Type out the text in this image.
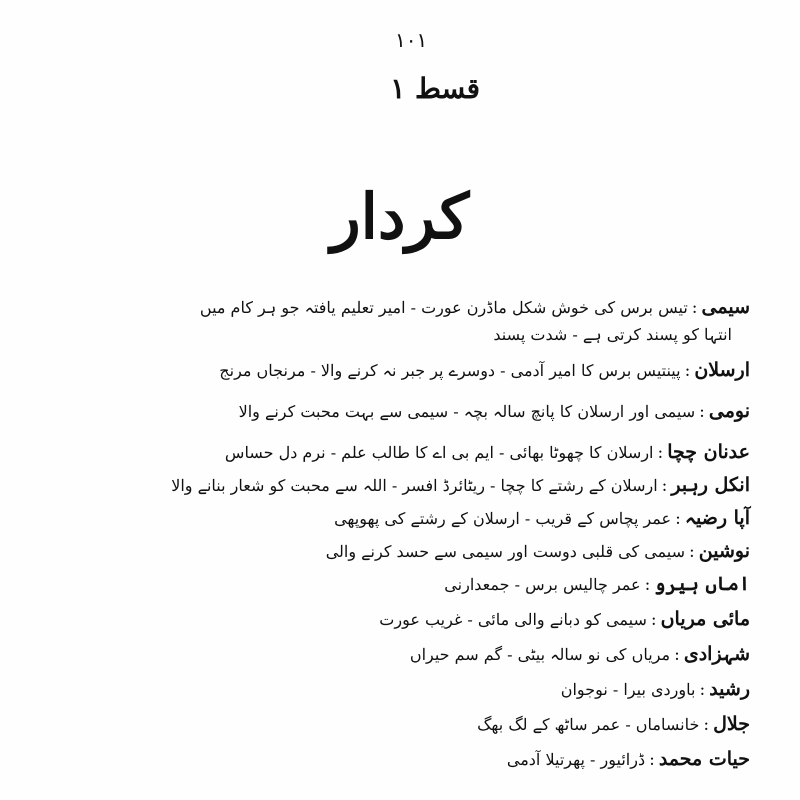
١٠١
قسط ١
کردار
سیمی:تیس برس کی خوش شکل ماڈرن عورت - امیر تعلیم یافتہ جو ہر کام میں
انتہا کو پسند کرتی ہے - شدت پسند
ارسلان:پینتیس برس کا امیر آدمی - دوسرے پر جبر نہ کرنے والا - مرنجاں مرنج
نومی:سیمی اور ارسلان کا پانچ سالہ بچہ - سیمی سے بہت محبت کرنے والا
عدنان چچا:ارسلان کا چھوٹا بھائی - ایم بی اے کا طالب علم - نرم دل حساس
انکل رہبر:ارسلان کے رشتے کا چچا - ریٹائرڈ افسر - اللہ سے محبت کو شعار بنانے والا
آپا رضیہ:عمر پچاس کے قریب - ارسلان کے رشتے کی پھوپھی
نوشین:سیمی کی قلبی دوست اور سیمی سے حسد کرنے والی
اماں ہیرو:عمر چالیس برس - جمعدارنی
مائی مریاں:سیمی کو دبانے والی مائی - غریب عورت
شہزادی:مریاں کی نو سالہ بیٹی - گم سم حیراں
رشید:باوردی بیرا - نوجوان
جلال:خانساماں - عمر ساٹھ کے لگ بھگ
حیات محمد:ڈرائیور - پھرتیلا آدمی
